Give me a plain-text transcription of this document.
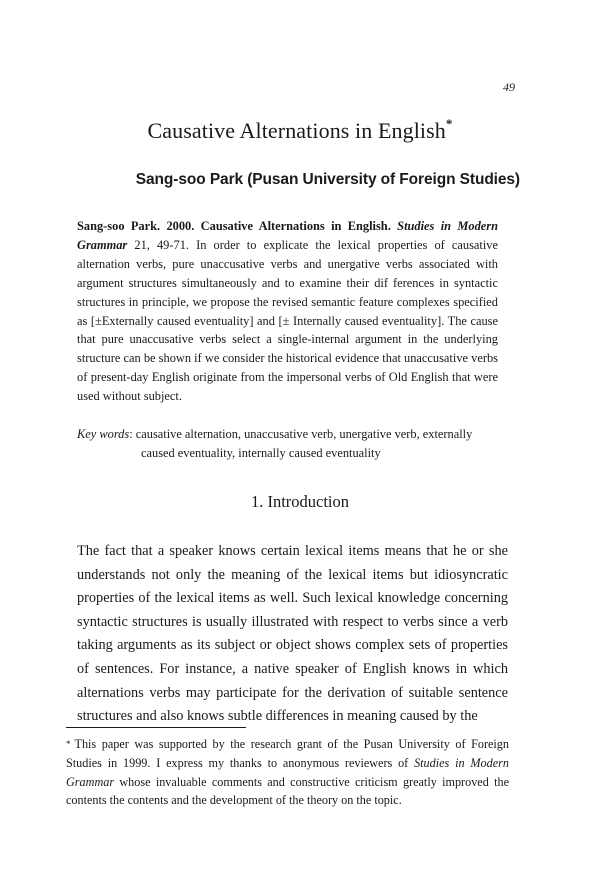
49
Causative Alternations in English*
Sang-soo Park (Pusan University of Foreign Studies)
Sang-soo Park. 2000. Causative Alternations in English. Studies in Modern Grammar 21, 49-71. In order to explicate the lexical properties of causative alternation verbs, pure unaccusative verbs and unergative verbs associated with argument structures simultaneously and to examine their dif ferences in syntactic structures in principle, we propose the revised semantic feature complexes specified as [±Externally caused eventuality] and [± Internally caused eventuality]. The cause that pure unaccusative verbs select a single-internal argument in the underlying structure can be shown if we consider the historical evidence that unaccusative verbs of present-day English originate from the impersonal verbs of Old English that were used without subject.
Key words: causative alternation, unaccusative verb, unergative verb, externally
caused eventuality, internally caused eventuality
1. Introduction
The fact that a speaker knows certain lexical items means that he or she understands not only the meaning of the lexical items but idiosyncratic properties of the lexical items as well. Such lexical knowledge concerning syntactic structures is usually illustrated with respect to verbs since a verb taking arguments as its subject or object shows complex sets of properties of sentences. For instance, a native speaker of English knows in which alternations verbs may participate for the derivation of suitable sentence structures and also knows subtle differences in meaning caused by the
* This paper was supported by the research grant of the Pusan University of Foreign Studies in 1999. I express my thanks to anonymous reviewers of Studies in Modern Grammar whose invaluable comments and constructive criticism greatly improved the contents the contents and the development of the theory on the topic.
